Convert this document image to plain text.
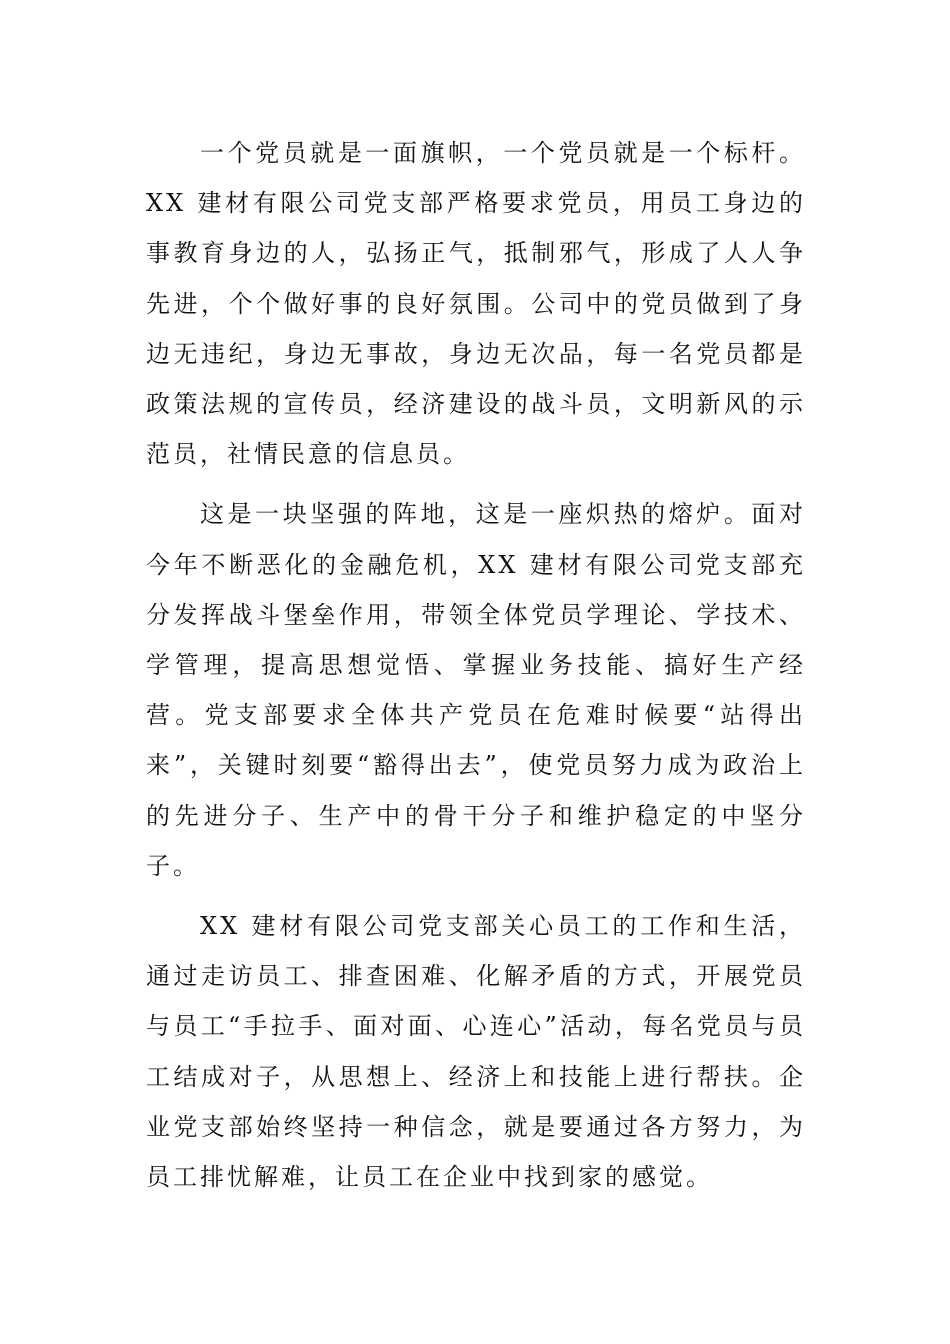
一个党员就是一面旗帜，一个党员就是一个标杆。XX 建材有限公司党支部严格要求党员，用员工身边的事教育身边的人，弘扬正气，抵制邪气，形成了人人争先进，个个做好事的良好氛围。公司中的党员做到了身边无违纪，身边无事故，身边无次品，每一名党员都是政策法规的宣传员，经济建设的战斗员，文明新风的示范员，社情民意的信息员。

这是一块坚强的阵地，这是一座炽热的熔炉。面对今年不断恶化的金融危机，XX 建材有限公司党支部充分发挥战斗堡垒作用，带领全体党员学理论、学技术、学管理，提高思想觉悟、掌握业务技能、搞好生产经营。党支部要求全体共产党员在危难时候要“站得出来”，关键时刻要“豁得出去”，使党员努力成为政治上的先进分子、生产中的骨干分子和维护稳定的中坚分子。

XX 建材有限公司党支部关心员工的工作和生活，通过走访员工、排查困难、化解矛盾的方式，开展党员与员工“手拉手、面对面、心连心”活动，每名党员与员工结成对子，从思想上、经济上和技能上进行帮扶。企业党支部始终坚持一种信念，就是要通过各方努力，为员工排忧解难，让员工在企业中找到家的感觉。
